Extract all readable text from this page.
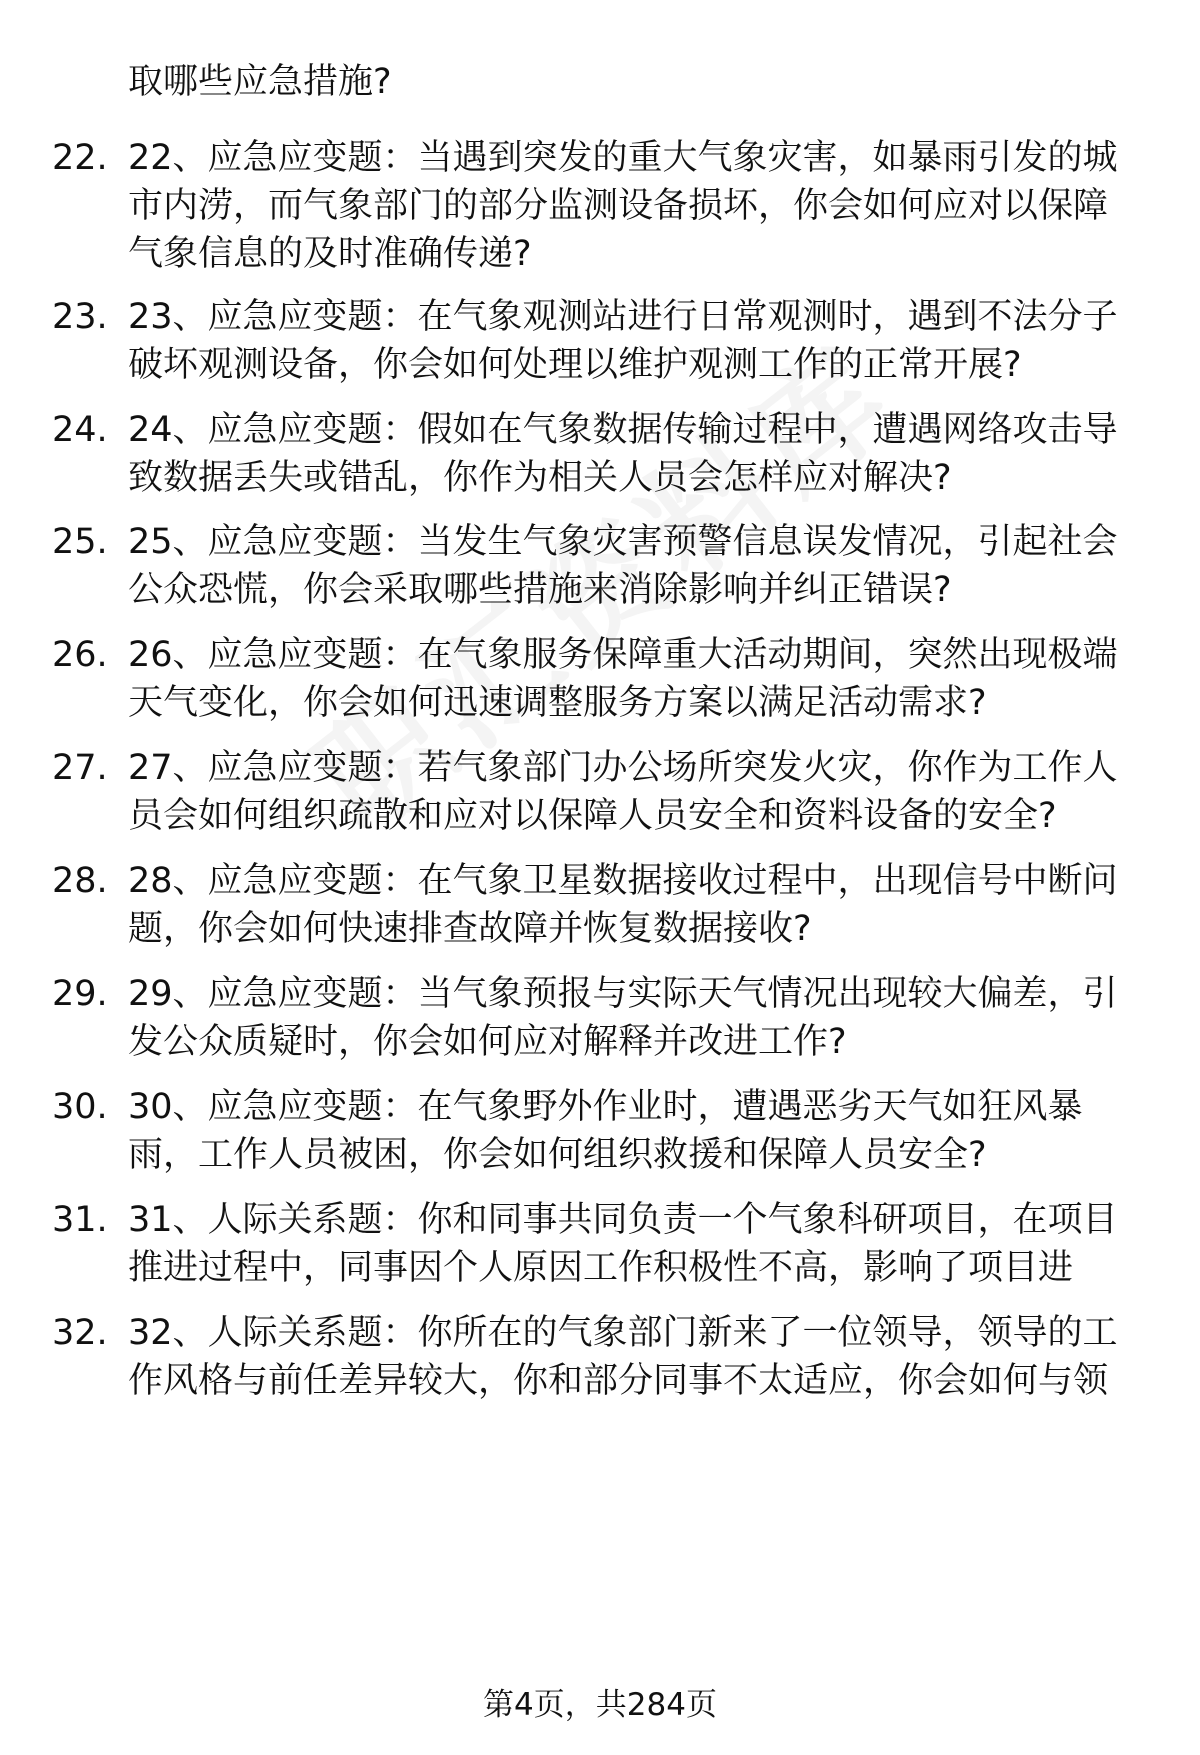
取哪些应急措施?
22. 22、应急应变题：当遇到突发的重大气象灾害，如暴雨引发的城
市内涝，而气象部门的部分监测设备损坏，你会如何应对以保障
气象信息的及时准确传递?
23. 23、应急应变题：在气象观测站进行日常观测时，遇到不法分子
破坏观测设备，你会如何处理以维护观测工作的正常开展?
24. 24、应急应变题：假如在气象数据传输过程中，遭遇网络攻击导
致数据丢失或错乱，你作为相关人员会怎样应对解决?
25. 25、应急应变题：当发生气象灾害预警信息误发情况，引起社会
公众恐慌，你会采取哪些措施来消除影响并纠正错误?
26. 26、应急应变题：在气象服务保障重大活动期间，突然出现极端
天气变化，你会如何迅速调整服务方案以满足活动需求?
27. 27、应急应变题：若气象部门办公场所突发火灾，你作为工作人
员会如何组织疏散和应对以保障人员安全和资料设备的安全?
28. 28、应急应变题：在气象卫星数据接收过程中，出现信号中断问
题，你会如何快速排查故障并恢复数据接收?
29. 29、应急应变题：当气象预报与实际天气情况出现较大偏差，引
发公众质疑时，你会如何应对解释并改进工作?
30. 30、应急应变题：在气象野外作业时，遭遇恶劣天气如狂风暴
雨，工作人员被困，你会如何组织救援和保障人员安全?
31. 31、人际关系题：你和同事共同负责一个气象科研项目，在项目
推进过程中，同事因个人原因工作积极性不高，影响了项目进
32. 32、人际关系题：你所在的气象部门新来了一位领导，领导的工
作风格与前任差异较大，你和部分同事不太适应，你会如何与领
第4页，共284页
